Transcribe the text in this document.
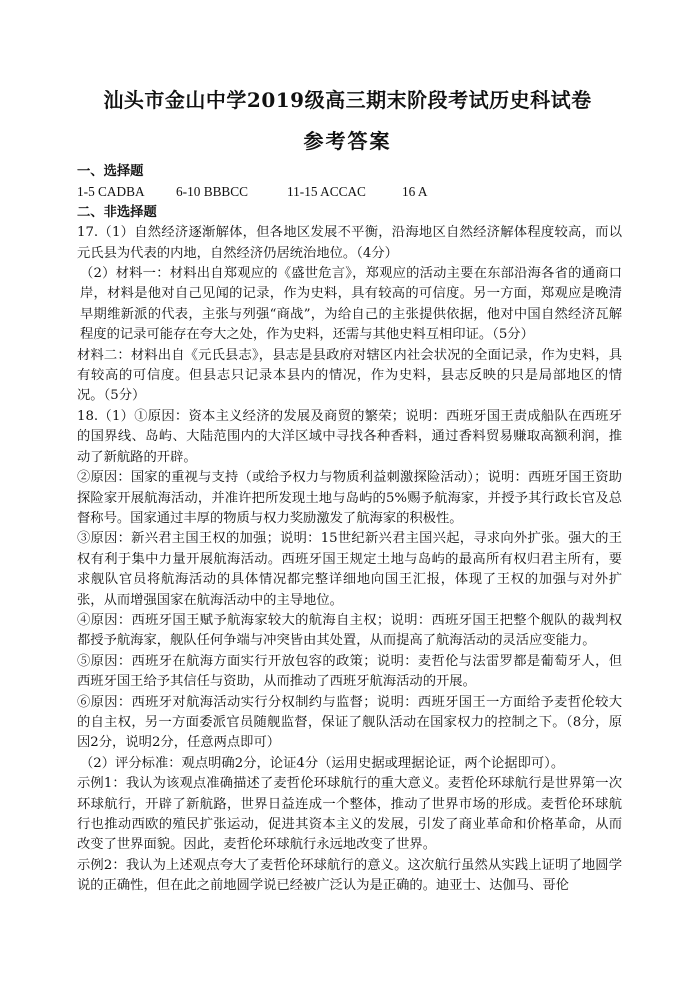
汕头市金山中学2019级高三期末阶段考试历史科试卷
参考答案

一、选择题

1-5 CADBA	6-10 BBBCC	11-15 ACCAC	16 A

二、非选择题

17.（1）自然经济逐渐解体，但各地区发展不平衡，沿海地区自然经济解体程度较高，而以元氏县为代表的内地，自然经济仍居统治地位。（4分）

（2）材料一：材料出自郑观应的《盛世危言》，郑观应的活动主要在东部沿海各省的通商口岸，材料是他对自己见闻的记录，作为史料，具有较高的可信度。另一方面，郑观应是晚清早期维新派的代表，主张与列强“商战”，为给自己的主张提供依据，他对中国自然经济瓦解程度的记录可能存在夸大之处，作为史料，还需与其他史料互相印证。（5分）

材料二：材料出自《元氏县志》，县志是县政府对辖区内社会状况的全面记录，作为史料，具有较高的可信度。但县志只记录本县内的情况，作为史料，县志反映的只是局部地区的情况。（5分）

18.（1）①原因：资本主义经济的发展及商贸的繁荣；说明：西班牙国王责成船队在西班牙的国界线、岛屿、大陆范围内的大洋区域中寻找各种香料，通过香料贸易赚取高额利润，推动了新航路的开辟。

②原因：国家的重视与支持（或给予权力与物质利益刺激探险活动）；说明：西班牙国王资助探险家开展航海活动，并准许把所发现土地与岛屿的5%赐予航海家，并授予其行政长官及总督称号。国家通过丰厚的物质与权力奖励激发了航海家的积极性。

③原因：新兴君主国王权的加强；说明：15世纪新兴君主国兴起，寻求向外扩张。强大的王权有利于集中力量开展航海活动。西班牙国王规定土地与岛屿的最高所有权归君主所有，要求舰队官员将航海活动的具体情况都完整详细地向国王汇报，体现了王权的加强与对外扩张，从而增强国家在航海活动中的主导地位。

④原因：西班牙国王赋予航海家较大的航海自主权；说明：西班牙国王把整个舰队的裁判权都授予航海家，舰队任何争端与冲突皆由其处置，从而提高了航海活动的灵活应变能力。

⑤原因：西班牙在航海方面实行开放包容的政策；说明：麦哲伦与法雷罗都是葡萄牙人，但西班牙国王给予其信任与资助，从而推动了西班牙航海活动的开展。

⑥原因：西班牙对航海活动实行分权制约与监督；说明：西班牙国王一方面给予麦哲伦较大的自主权，另一方面委派官员随舰监督，保证了舰队活动在国家权力的控制之下。（8分，原因2分，说明2分，任意两点即可）

（2）评分标准：观点明确2分，论证4分（运用史据或理据论证，两个论据即可）。

示例1：我认为该观点准确描述了麦哲伦环球航行的重大意义。麦哲伦环球航行是世界第一次环球航行，开辟了新航路，世界日益连成一个整体，推动了世界市场的形成。麦哲伦环球航行也推动西欧的殖民扩张运动，促进其资本主义的发展，引发了商业革命和价格革命，从而改变了世界面貌。因此，麦哲伦环球航行永远地改变了世界。

示例2：我认为上述观点夸大了麦哲伦环球航行的意义。这次航行虽然从实践上证明了地圆学说的正确性，但在此之前地圆学说已经被广泛认为是正确的。迪亚士、达伽马、哥伦
